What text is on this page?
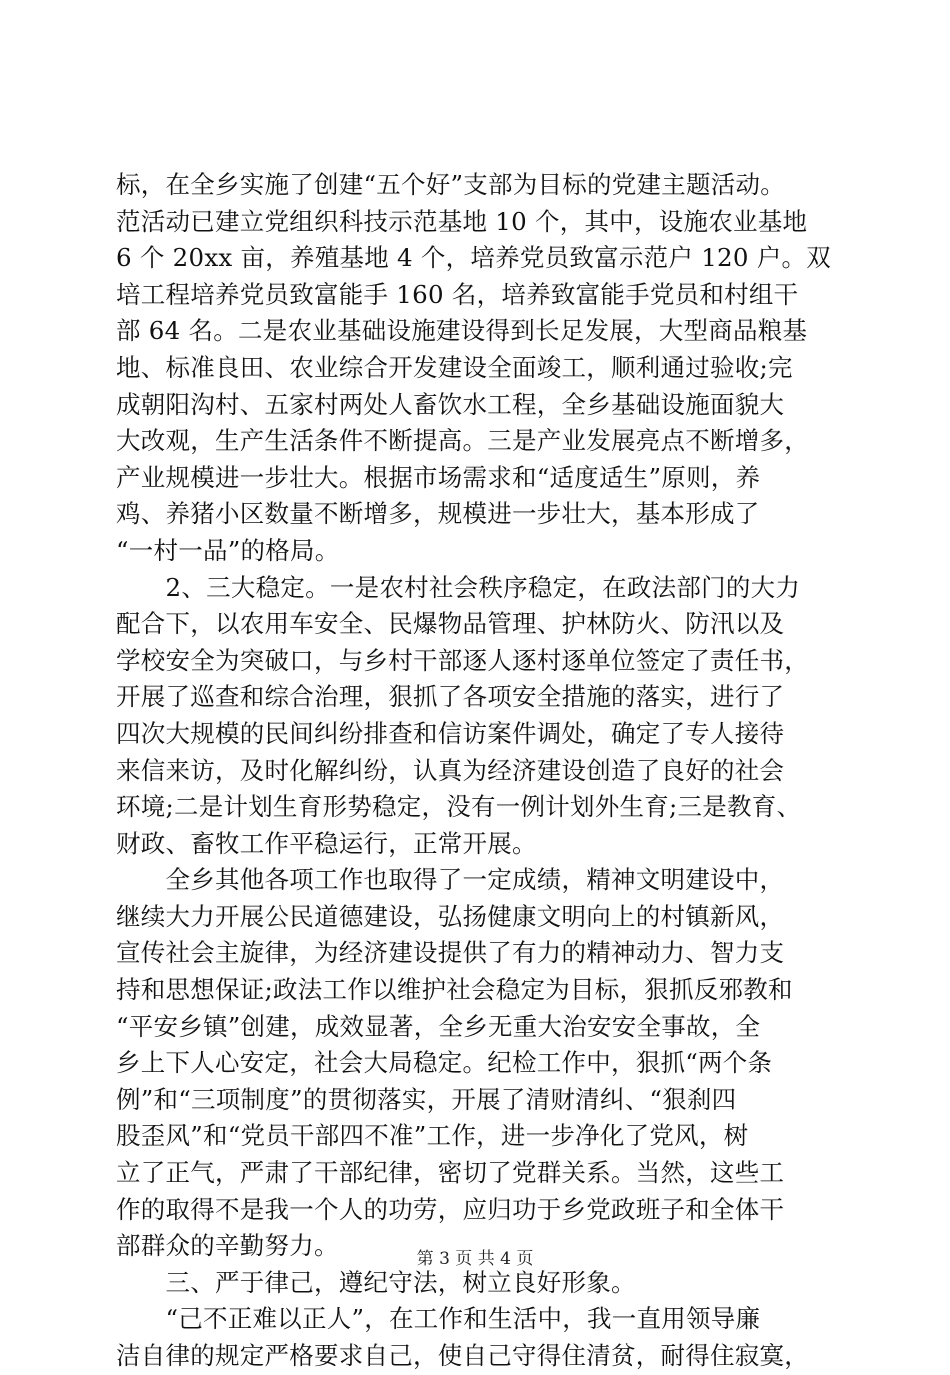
标，在全乡实施了创建“五个好”支部为目标的党建主题活动。
范活动已建立党组织科技示范基地 10 个，其中，设施农业基地
6 个 20xx 亩，养殖基地 4 个，培养党员致富示范户 120 户。双
培工程培养党员致富能手 160 名，培养致富能手党员和村组干
部 64 名。二是农业基础设施建设得到长足发展，大型商品粮基
地、标准良田、农业综合开发建设全面竣工，顺利通过验收;完
成朝阳沟村、五家村两处人畜饮水工程，全乡基础设施面貌大
大改观，生产生活条件不断提高。三是产业发展亮点不断增多，
产业规模进一步壮大。根据市场需求和“适度适生”原则，养
鸡、养猪小区数量不断增多，规模进一步壮大，基本形成了
“一村一品”的格局。
　　2、三大稳定。一是农村社会秩序稳定，在政法部门的大力
配合下，以农用车安全、民爆物品管理、护林防火、防汛以及
学校安全为突破口，与乡村干部逐人逐村逐单位签定了责任书，
开展了巡查和综合治理，狠抓了各项安全措施的落实，进行了
四次大规模的民间纠纷排查和信访案件调处，确定了专人接待
来信来访，及时化解纠纷，认真为经济建设创造了良好的社会
环境;二是计划生育形势稳定，没有一例计划外生育;三是教育、
财政、畜牧工作平稳运行，正常开展。
　　全乡其他各项工作也取得了一定成绩，精神文明建设中，
继续大力开展公民道德建设，弘扬健康文明向上的村镇新风，
宣传社会主旋律，为经济建设提供了有力的精神动力、智力支
持和思想保证;政法工作以维护社会稳定为目标，狠抓反邪教和
“平安乡镇”创建，成效显著，全乡无重大治安安全事故，全
乡上下人心安定，社会大局稳定。纪检工作中，狠抓“两个条
例”和“三项制度”的贯彻落实，开展了清财清纠、“狠刹四
股歪风”和“党员干部四不准”工作，进一步净化了党风，树
立了正气，严肃了干部纪律，密切了党群关系。当然，这些工
作的取得不是我一个人的功劳，应归功于乡党政班子和全体干
部群众的辛勤努力。
　　三、严于律己，遵纪守法，树立良好形象。
　　“己不正难以正人”，在工作和生活中，我一直用领导廉
洁自律的规定严格要求自己，使自己守得住清贫，耐得住寂寞，
第 3 页 共 4 页
